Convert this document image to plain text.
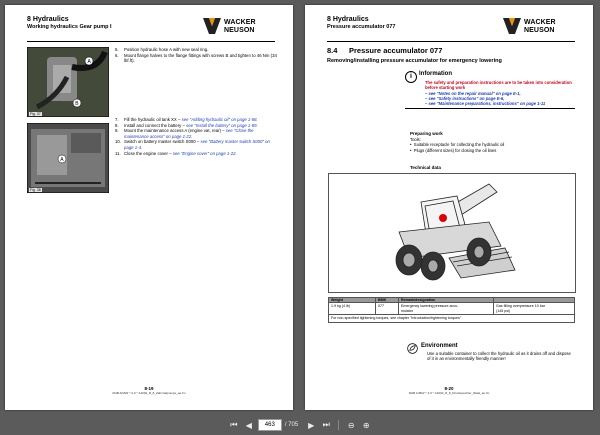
8 Hydraulics
Working hydraulics Gear pump I
WACKER
NEUSON
A
B
Fig. 37
A
Fig. 38
5.	Position hydraulic hose A with new seal ring.
6.	Mount flange halves to the flange fittings with screws B and tighten to 46 Nm (34 lbf.ft).
7.	Fill the hydraulic oil tank XX – see "Adding hydraulic oil" on page 1-88.
8.	Install and connect the battery – see "Install the battery" on page 1-89.
9.	Mount the maintenance access A (engine vat, rear) – see "Close the maintenance access" on page 1-22.
10. Switch on battery master switch S000 – see "Battery master switch S000" on page 1-4.
11. Close the engine cover – see "Engine cover" on page 1-22.
8-19
RHB ArM02 ^ 2.0 ^ A1002_R_8_Zahnradpumpe_ae.fm
8 Hydraulics
Pressure accumulator 077
WACKER
NEUSON
8.4 Pressure accumulator 077
Removing/installing pressure accumulator for emergency lowering
i	Information
The safety and preparation instructions are to be taken into consideration before starting work
– see "Notes on the repair manual" on page E-1,
– see "Safety instructions" on page E-6,
– see "Maintenance preparations, instructions" on page 1-11
Preparing work
Tools:
•  Suitable receptacle for collecting the hydraulic oil
•  Plugs (different sizes) for closing the oil lines
Technical data
Weight	BMK	Remark/designation	
1.9 kg (4 lb)	077	Emergency lowering pressure accu-
mulator	Gas filling overpressure 10 bar
(145 psi)
For non-specified tightening torques, see chapter "Introduction/tightening torques"			
Environment
Use a suitable container to collect the hydraulic oil as it drains off and dispose of it in an environmentally friendly manner!
8-20
RHB ArM02 ^ 2.0 ^ A1002_R_8_Druckspeicher_fiktak_ae.fm
⏮	◀	463	/ 705	▶	⏭	⊖	⊕
